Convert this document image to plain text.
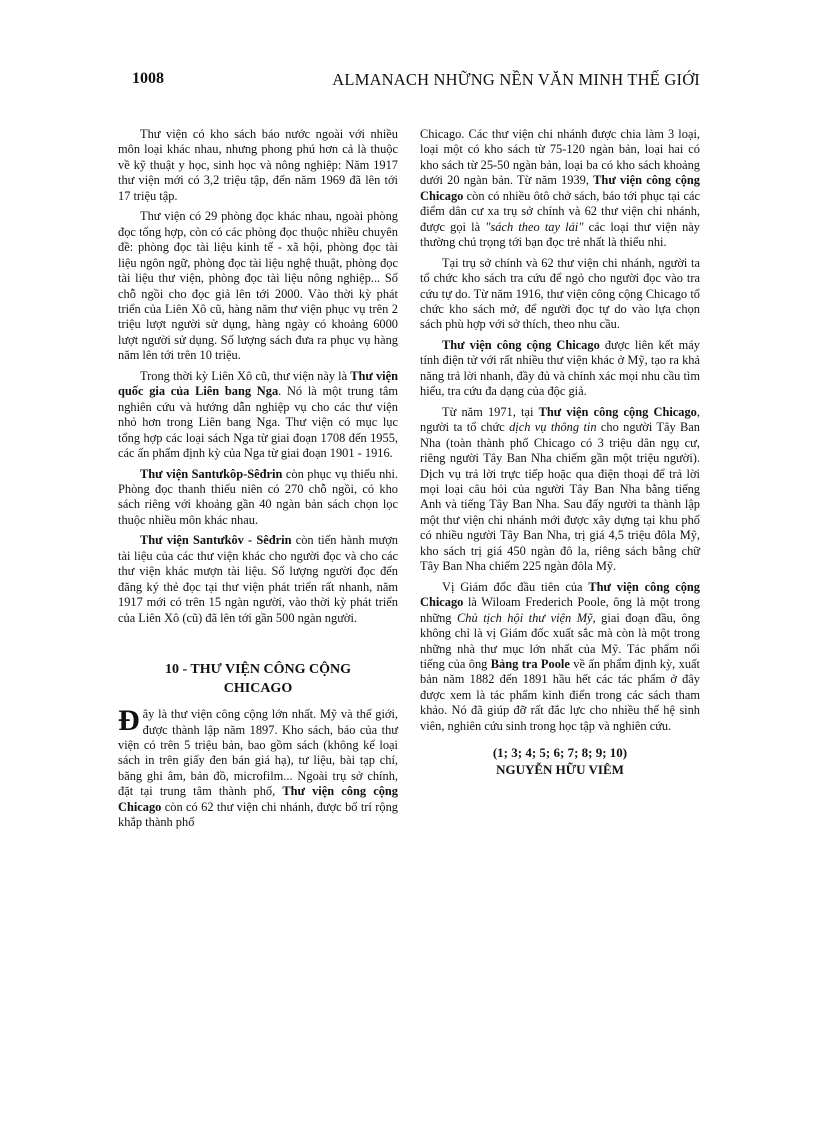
1008	ALMANACH NHỮNG NỀN VĂN MINH THẾ GIỚI

Thư viện có kho sách báo nước ngoài với nhiều môn loại khác nhau, nhưng phong phú hơn cả là thuộc về kỹ thuật y học, sinh học và nông nghiệp: Năm 1917 thư viện mới có 3,2 triệu tập, đến năm 1969 đã lên tới 17 triệu tập.

Thư viện có 29 phòng đọc khác nhau, ngoài phòng đọc tổng hợp, còn có các phòng đọc thuộc nhiều chuyên đề: phòng đọc tài liệu kinh tế - xã hội, phòng đọc tài liệu ngôn ngữ, phòng đọc tài liệu nghệ thuật, phòng đọc tài liệu thư viện, phòng đọc tài liệu nông nghiệp... Số chỗ ngồi cho đọc giả lên tới 2000. Vào thời kỳ phát triển của Liên Xô cũ, hàng năm thư viện phục vụ trên 2 triệu lượt người sử dụng, hàng ngày có khoảng 6000 lượt người sử dụng. Số lượng sách đưa ra phục vụ hàng năm lên tới trên 10 triệu.

Trong thời kỳ Liên Xô cũ, thư viện này là Thư viện quốc gia của Liên bang Nga. Nó là một trung tâm nghiên cứu và hướng dẫn nghiệp vụ cho các thư viện nhỏ hơn trong Liên bang Nga. Thư viện có mục lục tổng hợp các loại sách Nga từ giai đoạn 1708 đến 1955, các ấn phẩm định kỳ của Nga từ giai đoạn 1901 - 1916.

Thư viện Santưkôp-Sêđrin còn phục vụ thiếu nhi. Phòng đọc thanh thiếu niên có 270 chỗ ngồi, có kho sách riêng với khoảng gần 40 ngàn bản sách chọn lọc thuộc nhiều môn khác nhau.

Thư viện Santưkôv - Sêđrin còn tiến hành mượn tài liệu của các thư viện khác cho người đọc và cho các thư viện khác mượn tài liệu. Số lượng người đọc đến đăng ký thẻ đọc tại thư viện phát triển rất nhanh, năm 1917 mới có trên 15 ngàn người, vào thời kỳ phát triển của Liên Xô (cũ) đã lên tới gần 500 ngàn người.

10 - THƯ VIỆN CÔNG CỘNG
CHICAGO

Đây là thư viện công cộng lớn nhất. Mỹ và thế giới, được thành lập năm 1897. Kho sách, báo của thư viện có trên 5 triệu bản, bao gồm sách (không kể loại sách in trên giấy đen bán giá hạ), tư liệu, bài tạp chí, băng ghi âm, bản đồ, microfilm... Ngoài trụ sở chính, đặt tại trung tâm thành phố, Thư viện công cộng Chicago còn có 62 thư viện chi nhánh, được bố trí rộng khắp thành phố

Chicago. Các thư viện chi nhánh được chia làm 3 loại, loại một có kho sách từ 75-120 ngàn bản, loại hai có kho sách từ 25-50 ngàn bản, loại ba có kho sách khoảng dưới 20 ngàn bản. Từ năm 1939, Thư viện công cộng Chicago còn có nhiều ôtô chở sách, báo tới phục tại các điểm dân cư xa trụ sở chính và 62 thư viện chi nhánh, được gọi là "sách theo tay lái" các loại thư viện này thường chú trọng tới bạn đọc trẻ nhất là thiếu nhi.

Tại trụ sở chính và 62 thư viện chi nhánh, người ta tổ chức kho sách tra cứu để ngỏ cho người đọc vào tra cứu tự do. Từ năm 1916, thư viện công cộng Chicago tổ chức kho sách mở, để người đọc tự do vào lựa chọn sách phù hợp với sở thích, theo nhu cầu.

Thư viện công cộng Chicago được liên kết máy tính điện tử với rất nhiều thư viện khác ở Mỹ, tạo ra khả năng trả lời nhanh, đầy đủ và chính xác mọi nhu cầu tìm hiểu, tra cứu đa dạng của độc giả.

Từ năm 1971, tại Thư viện công cộng Chicago, người ta tổ chức dịch vụ thông tin cho người Tây Ban Nha (toàn thành phố Chicago có 3 triệu dân ngụ cư, riêng người Tây Ban Nha chiếm gần một triệu người). Dịch vụ trả lời trực tiếp hoặc qua điện thoại để trả lời mọi loại câu hỏi của người Tây Ban Nha bằng tiếng Anh và tiếng Tây Ban Nha. Sau đấy người ta thành lập một thư viện chi nhánh mới được xây dựng tại khu phố có nhiều người Tây Ban Nha, trị giá 4,5 triệu đôla Mỹ, kho sách trị giá 450 ngàn đô la, riêng sách bằng chữ Tây Ban Nha chiếm 225 ngàn đôla Mỹ.

Vị Giám đốc đầu tiên của Thư viện công cộng Chicago là Wiloam Frederich Poole, ông là một trong những Chủ tịch hội thư viện Mỹ, giai đoạn đầu, ông không chỉ là vị Giám đốc xuất sắc mà còn là một trong những nhà thư mục lớn nhất của Mỹ. Tác phẩm nổi tiếng của ông Bảng tra Poole về ấn phẩm định kỳ, xuất bản năm 1882 đến 1891 hầu hết các tác phẩm ở đây được xem là tác phẩm kinh điển trong các sách tham khảo. Nó đã giúp đỡ rất đắc lực cho nhiều thế hệ sinh viên, nghiên cứu sinh trong học tập và nghiên cứu.

(1; 3; 4; 5; 6; 7; 8; 9; 10)
NGUYỄN HỮU VIÊM
